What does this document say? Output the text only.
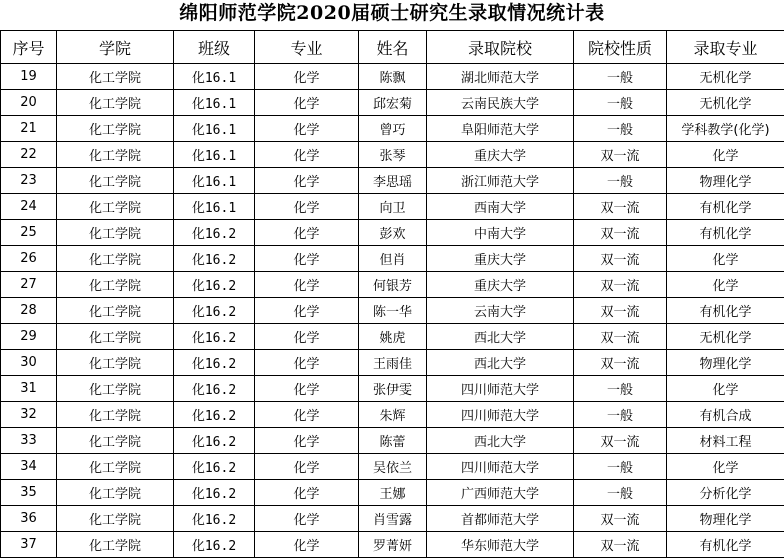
绵阳师范学院2020届硕士研究生录取情况统计表
序号	学院	班级	专业	姓名	录取院校	院校性质	录取专业
19	化工学院	化16.1	化学	陈飘	湖北师范大学	一般	无机化学
20	化工学院	化16.1	化学	邱宏菊	云南民族大学	一般	无机化学
21	化工学院	化16.1	化学	曾巧	阜阳师范大学	一般	学科教学(化学)
22	化工学院	化16.1	化学	张琴	重庆大学	双一流	化学
23	化工学院	化16.1	化学	李思瑶	浙江师范大学	一般	物理化学
24	化工学院	化16.1	化学	向卫	西南大学	双一流	有机化学
25	化工学院	化16.2	化学	彭欢	中南大学	双一流	有机化学
26	化工学院	化16.2	化学	但肖	重庆大学	双一流	化学
27	化工学院	化16.2	化学	何银芳	重庆大学	双一流	化学
28	化工学院	化16.2	化学	陈一华	云南大学	双一流	有机化学
29	化工学院	化16.2	化学	姚虎	西北大学	双一流	无机化学
30	化工学院	化16.2	化学	王雨佳	西北大学	双一流	物理化学
31	化工学院	化16.2	化学	张伊雯	四川师范大学	一般	化学
32	化工学院	化16.2	化学	朱辉	四川师范大学	一般	有机合成
33	化工学院	化16.2	化学	陈蕾	西北大学	双一流	材料工程
34	化工学院	化16.2	化学	吴依兰	四川师范大学	一般	化学
35	化工学院	化16.2	化学	王娜	广西师范大学	一般	分析化学
36	化工学院	化16.2	化学	肖雪露	首都师范大学	双一流	物理化学
37	化工学院	化16.2	化学	罗菁妍	华东师范大学	双一流	有机化学
